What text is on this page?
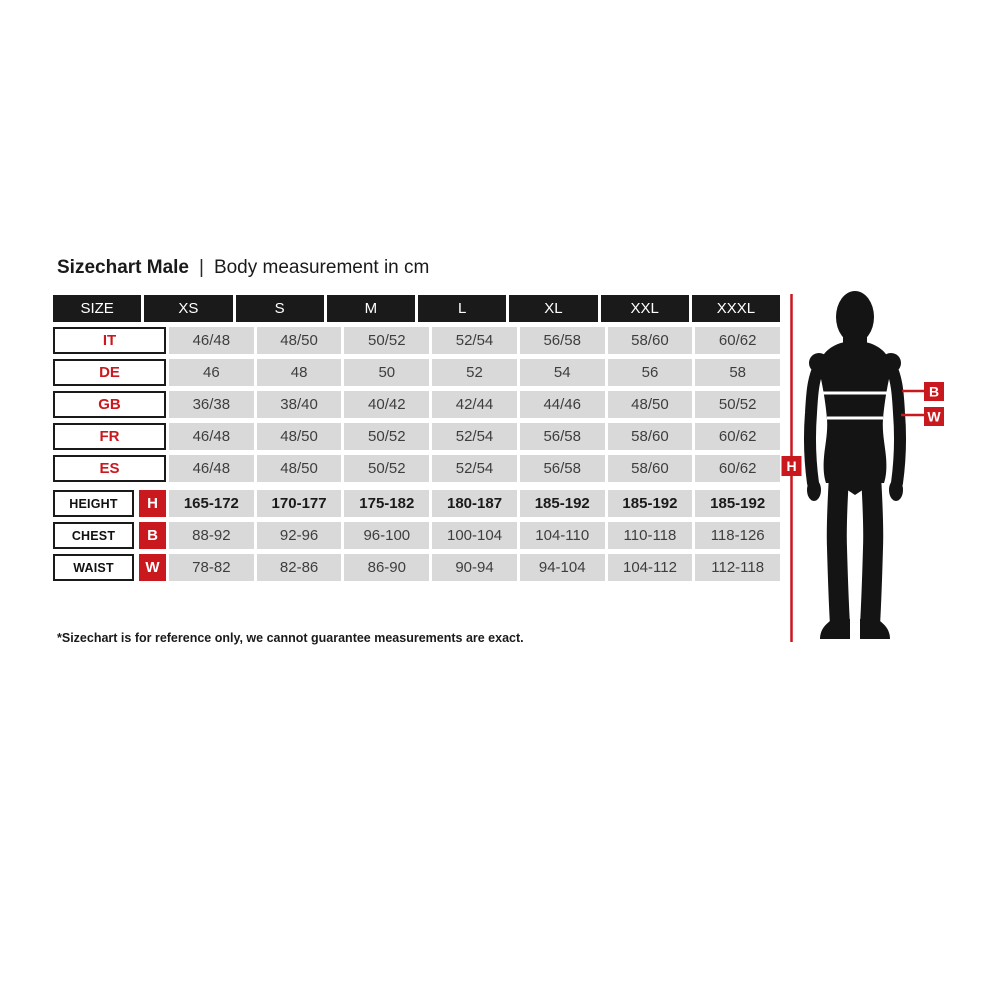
Sizechart Male | Body measurement in cm
SIZE	XS	S	M	L	XL	XXL	XXXL
IT	46/48	48/50	50/52	52/54	56/58	58/60	60/62
DE	46	48	50	52	54	56	58
GB	36/38	38/40	40/42	42/44	44/46	48/50	50/52
FR	46/48	48/50	50/52	52/54	56/58	58/60	60/62
ES	46/48	48/50	50/52	52/54	56/58	58/60	60/62
HEIGHT	H	165-172	170-177	175-182	180-187	185-192	185-192	185-192
CHEST	B	88-92	92-96	96-100	100-104	104-110	110-118	118-126
WAIST	W	78-82	82-86	86-90	90-94	94-104	104-112	112-118
*Sizechart is for reference only, we cannot guarantee measurements are exact.
B
W
H
